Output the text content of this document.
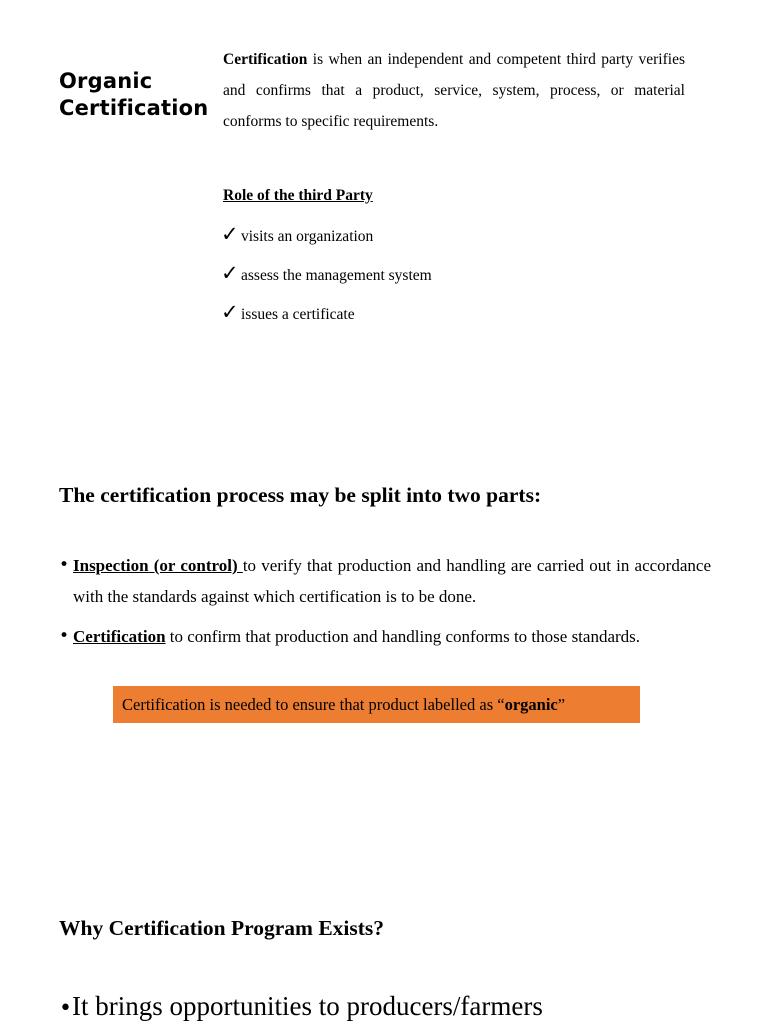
Organic Certification
Certification is when an independent and competent third party verifies and confirms that a product, service, system, process, or material conforms to specific requirements.
Role of the third Party
✓ visits an organization
✓ assess the management system
✓ issues a certificate
The certification process may be split into two parts:
• Inspection (or control) to verify that production and handling are carried out in accordance with the standards against which certification is to be done.
• Certification to confirm that production and handling conforms to those standards.
Certification is needed to ensure that product labelled as “organic”
Why Certification Program Exists?
•It brings opportunities to producers/farmers
